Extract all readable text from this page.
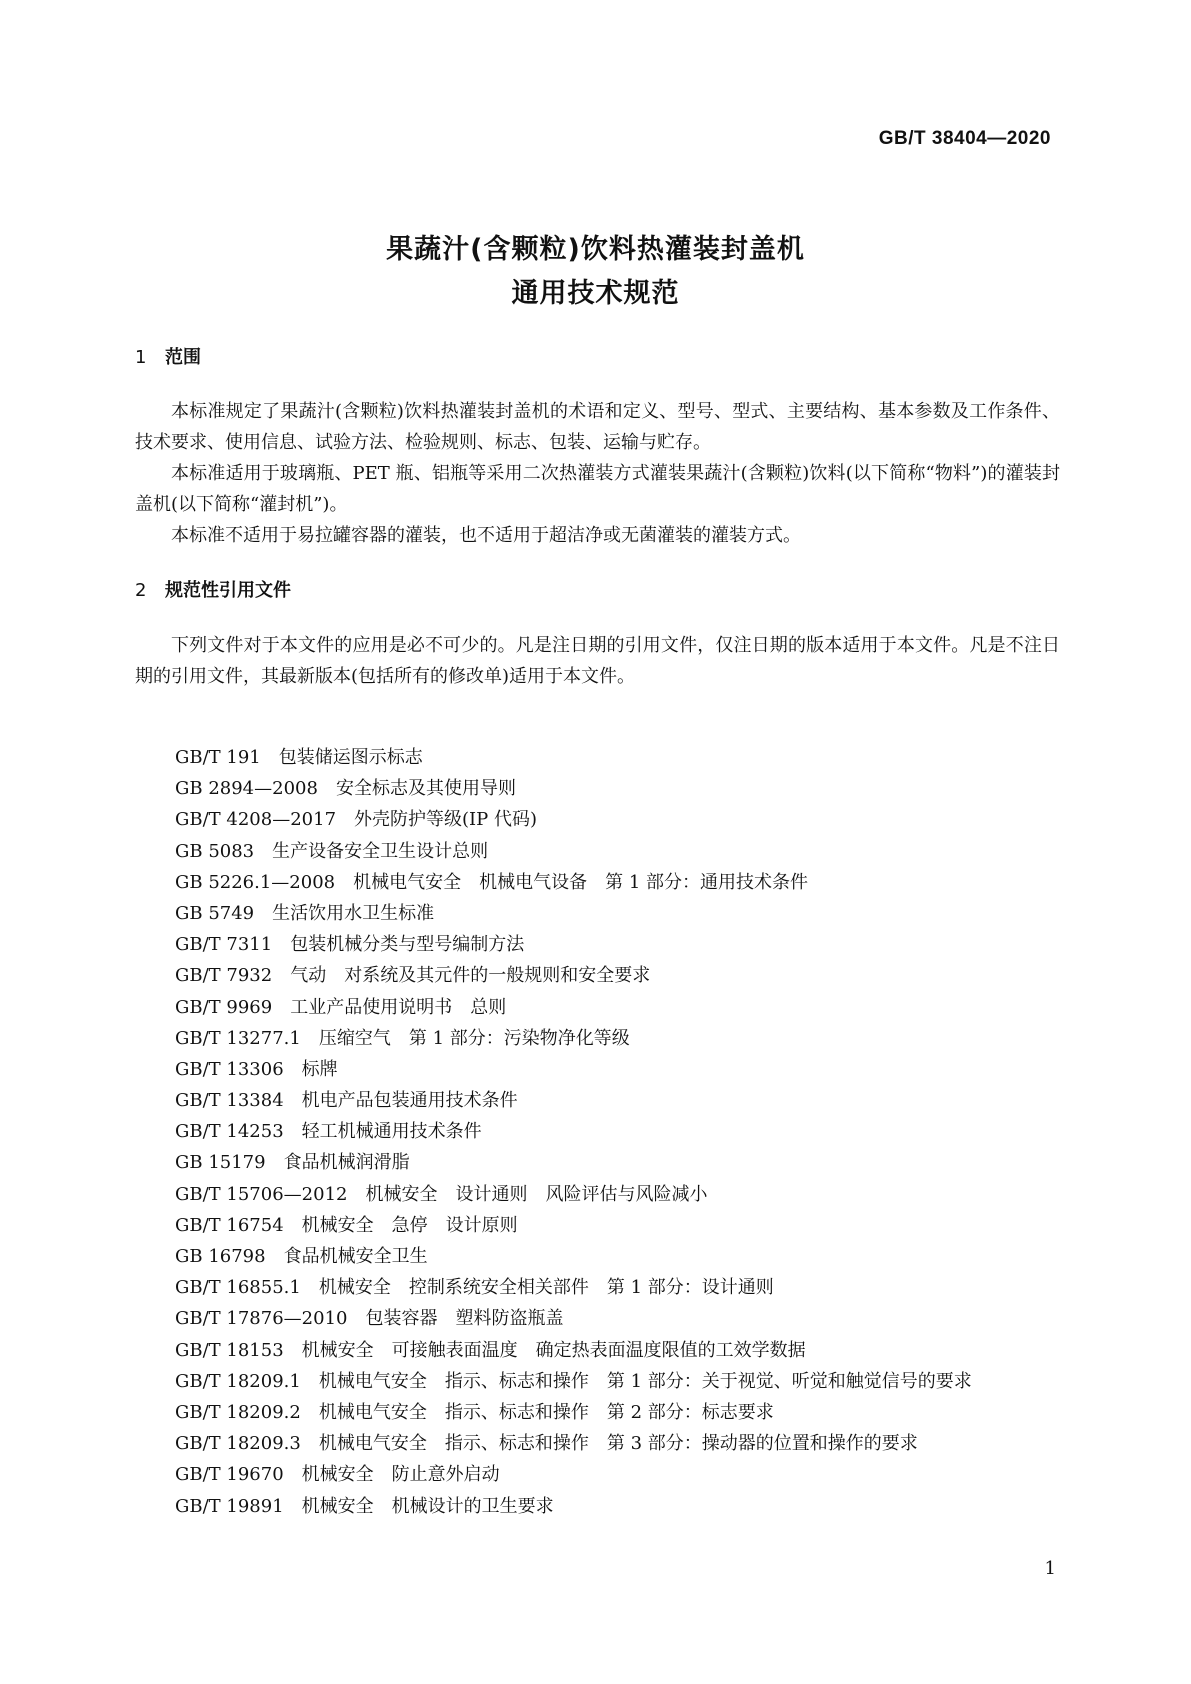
GB/T 38404—2020
果蔬汁(含颗粒)饮料热灌装封盖机
通用技术规范
1 范围

本标准规定了果蔬汁(含颗粒)饮料热灌装封盖机的术语和定义、型号、型式、主要结构、基本参数及工作条件、技术要求、使用信息、试验方法、检验规则、标志、包装、运输与贮存。

本标准适用于玻璃瓶、PET 瓶、铝瓶等采用二次热灌装方式灌装果蔬汁(含颗粒)饮料(以下简称“物料”)的灌装封盖机(以下简称“灌封机”)。

本标准不适用于易拉罐容器的灌装，也不适用于超洁净或无菌灌装的灌装方式。

2 规范性引用文件

下列文件对于本文件的应用是必不可少的。凡是注日期的引用文件，仅注日期的版本适用于本文件。凡是不注日期的引用文件，其最新版本(包括所有的修改单)适用于本文件。

GB/T 191 包装储运图示标志
GB 2894—2008 安全标志及其使用导则
GB/T 4208—2017 外壳防护等级(IP 代码)
GB 5083 生产设备安全卫生设计总则
GB 5226.1—2008 机械电气安全　机械电气设备　第 1 部分：通用技术条件
GB 5749 生活饮用水卫生标准
GB/T 7311 包装机械分类与型号编制方法
GB/T 7932 气动　对系统及其元件的一般规则和安全要求
GB/T 9969 工业产品使用说明书　总则
GB/T 13277.1 压缩空气　第 1 部分：污染物净化等级
GB/T 13306 标牌
GB/T 13384 机电产品包装通用技术条件
GB/T 14253 轻工机械通用技术条件
GB 15179 食品机械润滑脂
GB/T 15706—2012 机械安全　设计通则　风险评估与风险减小
GB/T 16754 机械安全　急停　设计原则
GB 16798 食品机械安全卫生
GB/T 16855.1 机械安全　控制系统安全相关部件　第 1 部分：设计通则
GB/T 17876—2010 包装容器　塑料防盗瓶盖
GB/T 18153 机械安全　可接触表面温度　确定热表面温度限值的工效学数据
GB/T 18209.1 机械电气安全　指示、标志和操作　第 1 部分：关于视觉、听觉和触觉信号的要求
GB/T 18209.2 机械电气安全　指示、标志和操作　第 2 部分：标志要求
GB/T 18209.3 机械电气安全　指示、标志和操作　第 3 部分：操动器的位置和操作的要求
GB/T 19670 机械安全　防止意外启动
GB/T 19891 机械安全　机械设计的卫生要求
1
